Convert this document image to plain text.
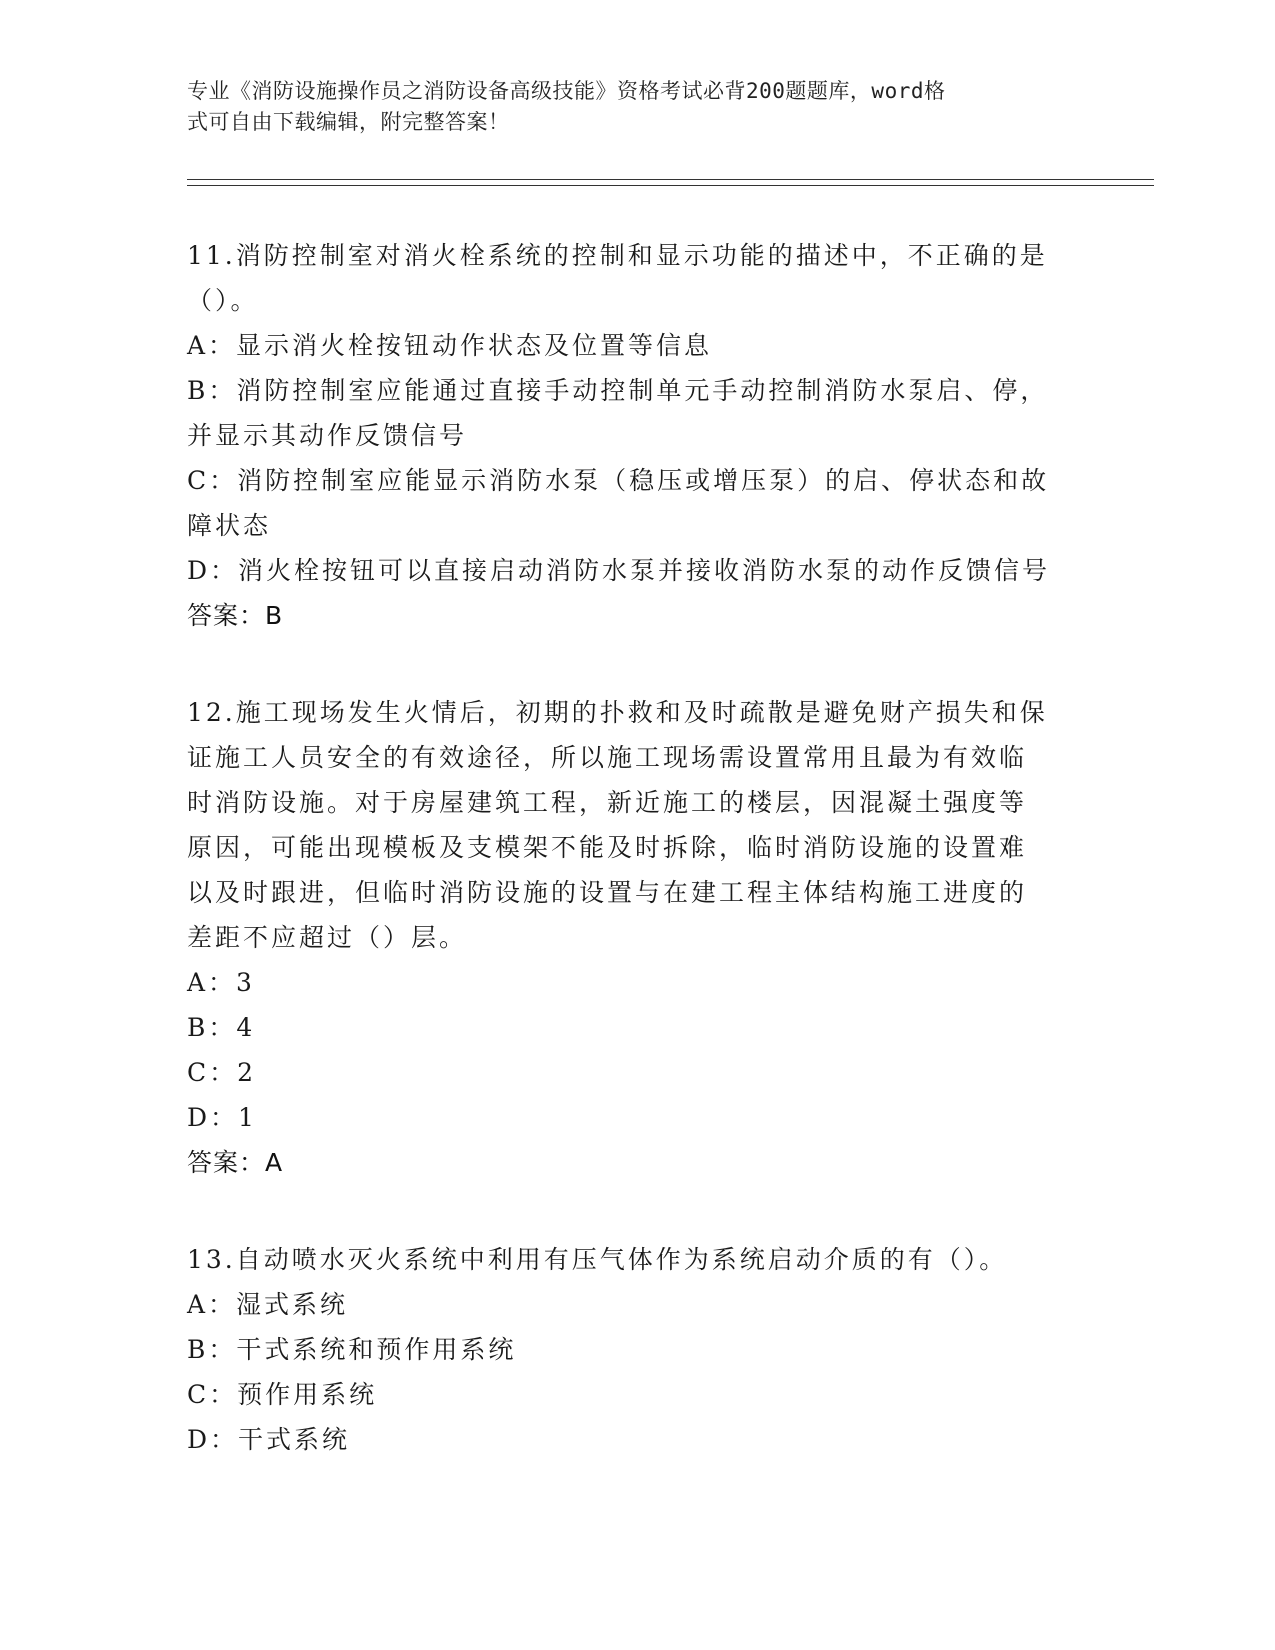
专业《消防设施操作员之消防设备高级技能》资格考试必背200题题库，word格
式可自由下载编辑，附完整答案！
11.消防控制室对消火栓系统的控制和显示功能的描述中，不正确的是
（）。
A：显示消火栓按钮动作状态及位置等信息
B：消防控制室应能通过直接手动控制单元手动控制消防水泵启、停，
并显示其动作反馈信号
C：消防控制室应能显示消防水泵（稳压或增压泵）的启、停状态和故
障状态
D：消火栓按钮可以直接启动消防水泵并接收消防水泵的动作反馈信号
答案：B
12.施工现场发生火情后，初期的扑救和及时疏散是避免财产损失和保
证施工人员安全的有效途径，所以施工现场需设置常用且最为有效临
时消防设施。对于房屋建筑工程，新近施工的楼层，因混凝土强度等
原因，可能出现模板及支模架不能及时拆除，临时消防设施的设置难
以及时跟进，但临时消防设施的设置与在建工程主体结构施工进度的
差距不应超过（）层。
A：3
B：4
C：2
D：1
答案：A
13.自动喷水灭火系统中利用有压气体作为系统启动介质的有（）。
A：湿式系统
B：干式系统和预作用系统
C：预作用系统
D：干式系统
